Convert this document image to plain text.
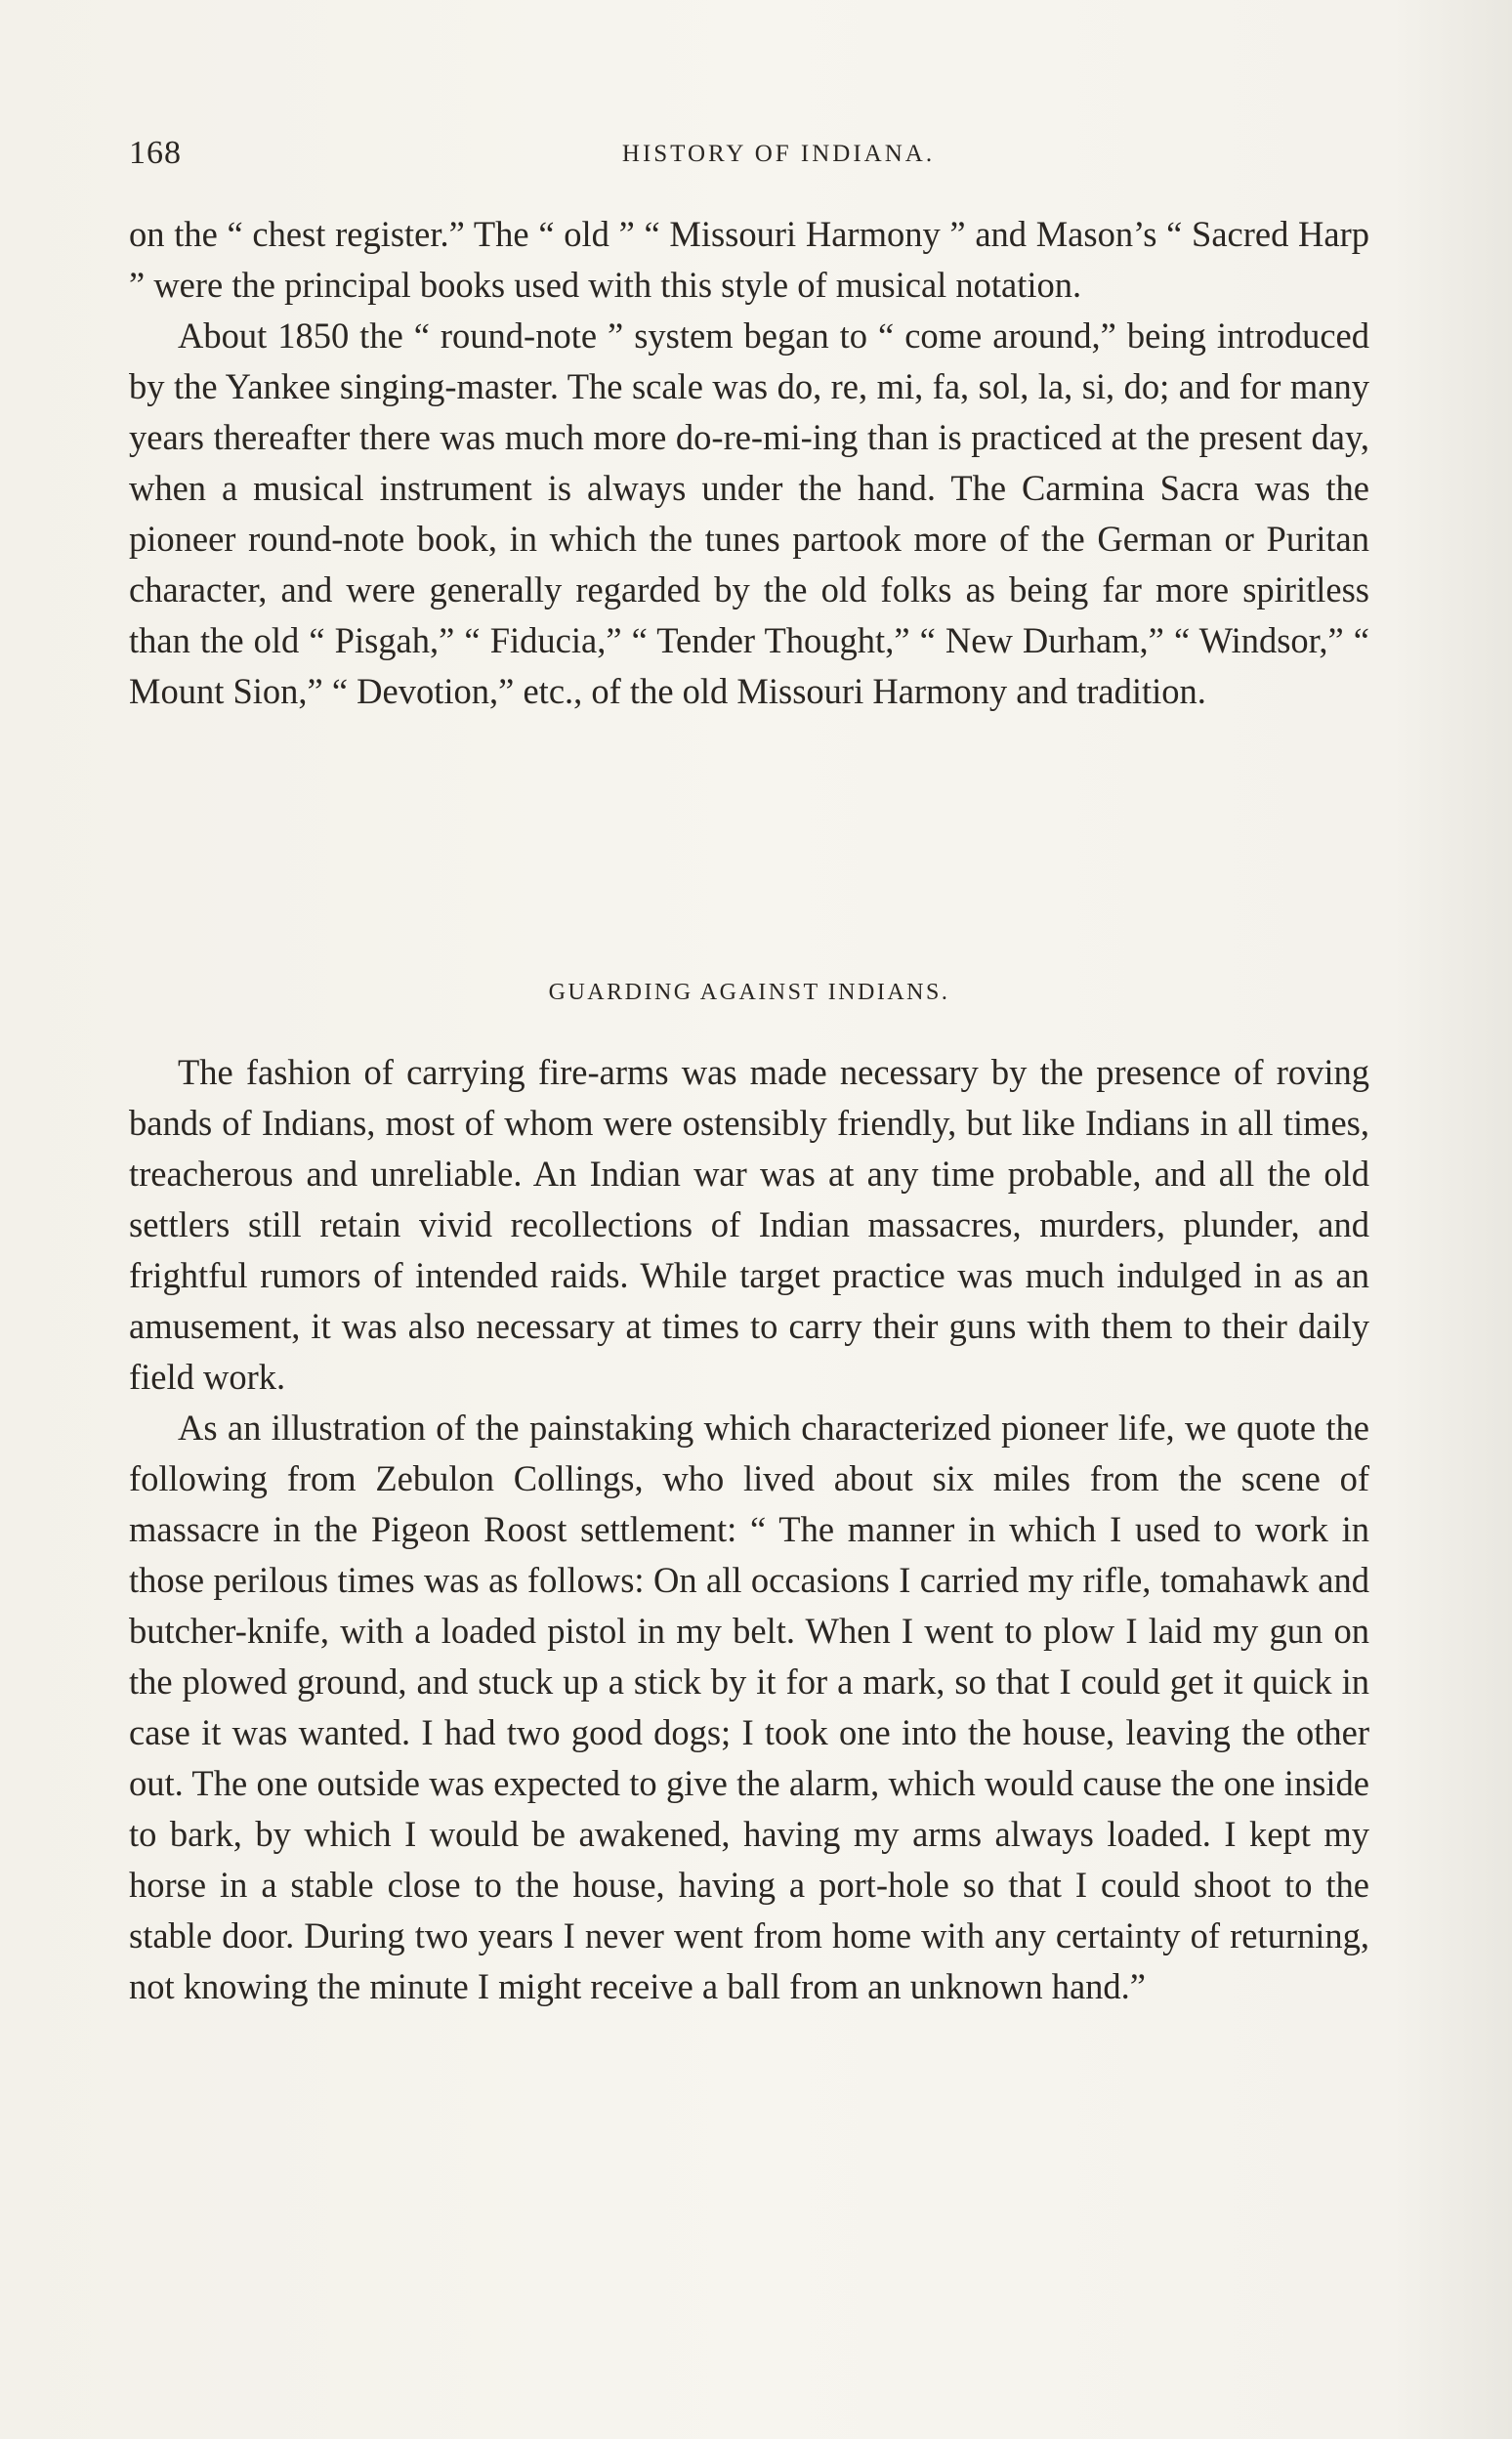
168	HISTORY OF INDIANA.

on the “ chest register.” The “ old ” “ Missouri Harmony ” and Mason’s “ Sacred Harp ” were the principal books used with this style of musical notation.

About 1850 the “ round-note ” system began to “ come around,” being introduced by the Yankee singing-master. The scale was do, re, mi, fa, sol, la, si, do; and for many years thereafter there was much more do-re-mi-ing than is practiced at the present day, when a musical instrument is always under the hand. The Carmina Sacra was the pioneer round-note book, in which the tunes partook more of the German or Puritan character, and were generally regarded by the old folks as being far more spiritless than the old “ Pisgah,” “ Fiducia,” “ Tender Thought,” “ New Durham,” “ Windsor,” “ Mount Sion,” “ Devotion,” etc., of the old Missouri Harmony and tradition.

GUARDING AGAINST INDIANS.

The fashion of carrying fire-arms was made necessary by the presence of roving bands of Indians, most of whom were ostensibly friendly, but like Indians in all times, treacherous and unreliable. An Indian war was at any time probable, and all the old settlers still retain vivid recollections of Indian massacres, murders, plunder, and frightful rumors of intended raids. While target practice was much indulged in as an amusement, it was also necessary at times to carry their guns with them to their daily field work.

As an illustration of the painstaking which characterized pioneer life, we quote the following from Zebulon Collings, who lived about six miles from the scene of massacre in the Pigeon Roost settlement: “ The manner in which I used to work in those perilous times was as follows: On all occasions I carried my rifle, tomahawk and butcher-knife, with a loaded pistol in my belt. When I went to plow I laid my gun on the plowed ground, and stuck up a stick by it for a mark, so that I could get it quick in case it was wanted. I had two good dogs; I took one into the house, leaving the other out. The one outside was expected to give the alarm, which would cause the one inside to bark, by which I would be awakened, having my arms always loaded. I kept my horse in a stable close to the house, having a port-hole so that I could shoot to the stable door. During two years I never went from home with any certainty of returning, not knowing the minute I might receive a ball from an unknown hand.”
